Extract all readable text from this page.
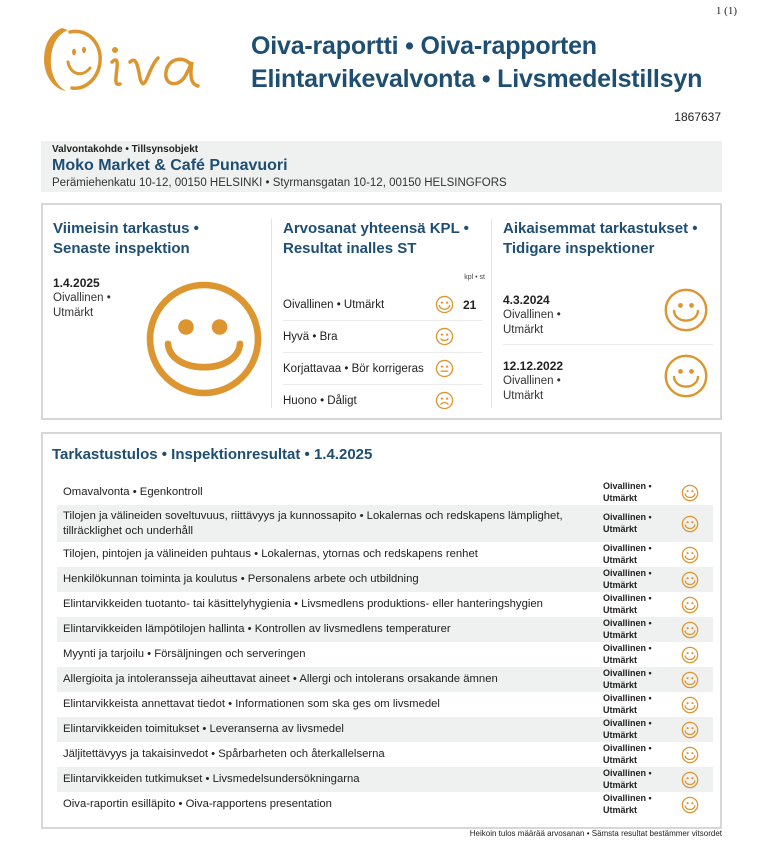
1 (1)
Oiva-raportti • Oiva-rapporten
Elintarvikevalvonta • Livsmedelstillsyn
1867637
Valvontakohde • Tillsynsobjekt
Moko Market & Café Punavuori
Perämiehenkatu 10-12, 00150 HELSINKI • Styrmansgatan 10-12, 00150 HELSINGFORS
Viimeisin tarkastus •
Senaste inspektion
1.4.2025
Oivallinen •
Utmärkt
Arvosanat yhteensä KPL •
Resultat inalles ST
kpl • st
Oivallinen • Utmärkt	21
Hyvä • Bra
Korjattavaa • Bör korrigeras
Huono • Dåligt
Aikaisemmat tarkastukset •
Tidigare inspektioner
4.3.2024
Oivallinen •
Utmärkt
12.12.2022
Oivallinen •
Utmärkt
Tarkastustulos • Inspektionresultat • 1.4.2025
Omavalvonta • Egenkontroll	Oivallinen •
Utmärkt
Tilojen ja välineiden soveltuvuus, riittävyys ja kunnossapito • Lokalernas och redskapens lämplighet, tillräcklighet och underhåll
Oivallinen •
Utmärkt
Tilojen, pintojen ja välineiden puhtaus • Lokalernas, ytornas och redskapens renhet	Oivallinen •
Utmärkt
Henkilökunnan toiminta ja koulutus • Personalens arbete och utbildning	Oivallinen •
Utmärkt
Elintarvikkeiden tuotanto- tai käsittelyhygienia • Livsmedlens produktions- eller hanteringshygien	Oivallinen •
Utmärkt
Elintarvikkeiden lämpötilojen hallinta • Kontrollen av livsmedlens temperaturer	Oivallinen •
Utmärkt
Myynti ja tarjoilu • Försäljningen och serveringen	Oivallinen •
Utmärkt
Allergioita ja intoleransseja aiheuttavat aineet • Allergi och intolerans orsakande ämnen	Oivallinen •
Utmärkt
Elintarvikkeista annettavat tiedot • Informationen som ska ges om livsmedel	Oivallinen •
Utmärkt
Elintarvikkeiden toimitukset • Leveranserna av livsmedel	Oivallinen •
Utmärkt
Jäljitettävyys ja takaisinvedot • Spårbarheten och återkallelserna	Oivallinen •
Utmärkt
Elintarvikkeiden tutkimukset • Livsmedelsundersökningarna	Oivallinen •
Utmärkt
Oiva-raportin esilläpito • Oiva-rapportens presentation	Oivallinen •
Utmärkt
Heikoin tulos määrää arvosanan • Sämsta resultat bestämmer vitsordet
